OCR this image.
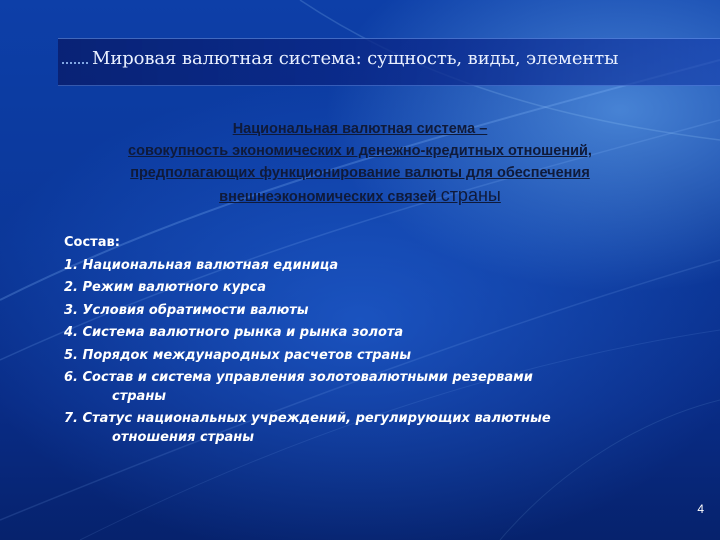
Мировая валютная система: сущность, виды, элементы
Национальная валютная система –
совокупность экономических и денежно-кредитных отношений,
предполагающих функционирование валюты для обеспечения
внешнеэкономических связей страны
Состав:
1. Национальная валютная единица
2. Режим валютного курса
3. Условия обратимости валюты
4. Система валютного рынка и рынка золота
5. Порядок международных расчетов страны
6. Состав и система управления золотовалютными резервами
страны
7. Статус национальных учреждений, регулирующих валютные
отношения страны
4
